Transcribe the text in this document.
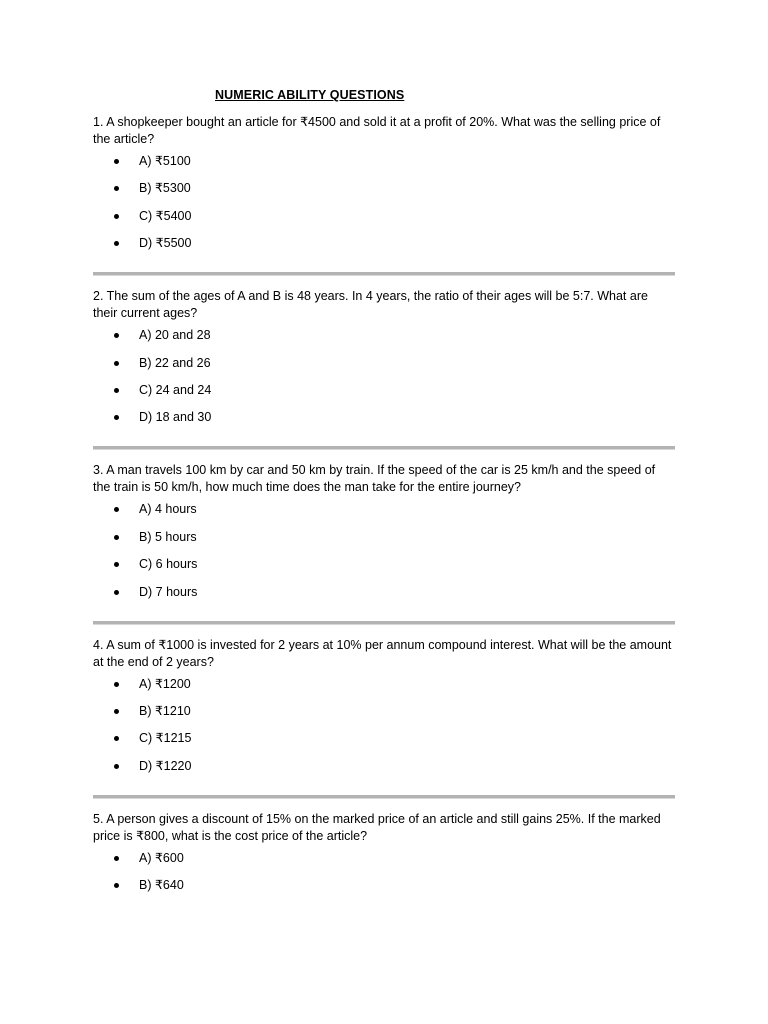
NUMERIC ABILITY QUESTIONS

1. A shopkeeper bought an article for ₹4500 and sold it at a profit of 20%. What was the selling price of the article?

A) ₹5100
B) ₹5300
C) ₹5400
D) ₹5500

2. The sum of the ages of A and B is 48 years. In 4 years, the ratio of their ages will be 5:7. What are their current ages?

A) 20 and 28
B) 22 and 26
C) 24 and 24
D) 18 and 30

3. A man travels 100 km by car and 50 km by train. If the speed of the car is 25 km/h and the speed of the train is 50 km/h, how much time does the man take for the entire journey?

A) 4 hours
B) 5 hours
C) 6 hours
D) 7 hours

4. A sum of ₹1000 is invested for 2 years at 10% per annum compound interest. What will be the amount at the end of 2 years?

A) ₹1200
B) ₹1210
C) ₹1215
D) ₹1220

5. A person gives a discount of 15% on the marked price of an article and still gains 25%. If the marked price is ₹800, what is the cost price of the article?

A) ₹600
B) ₹640
